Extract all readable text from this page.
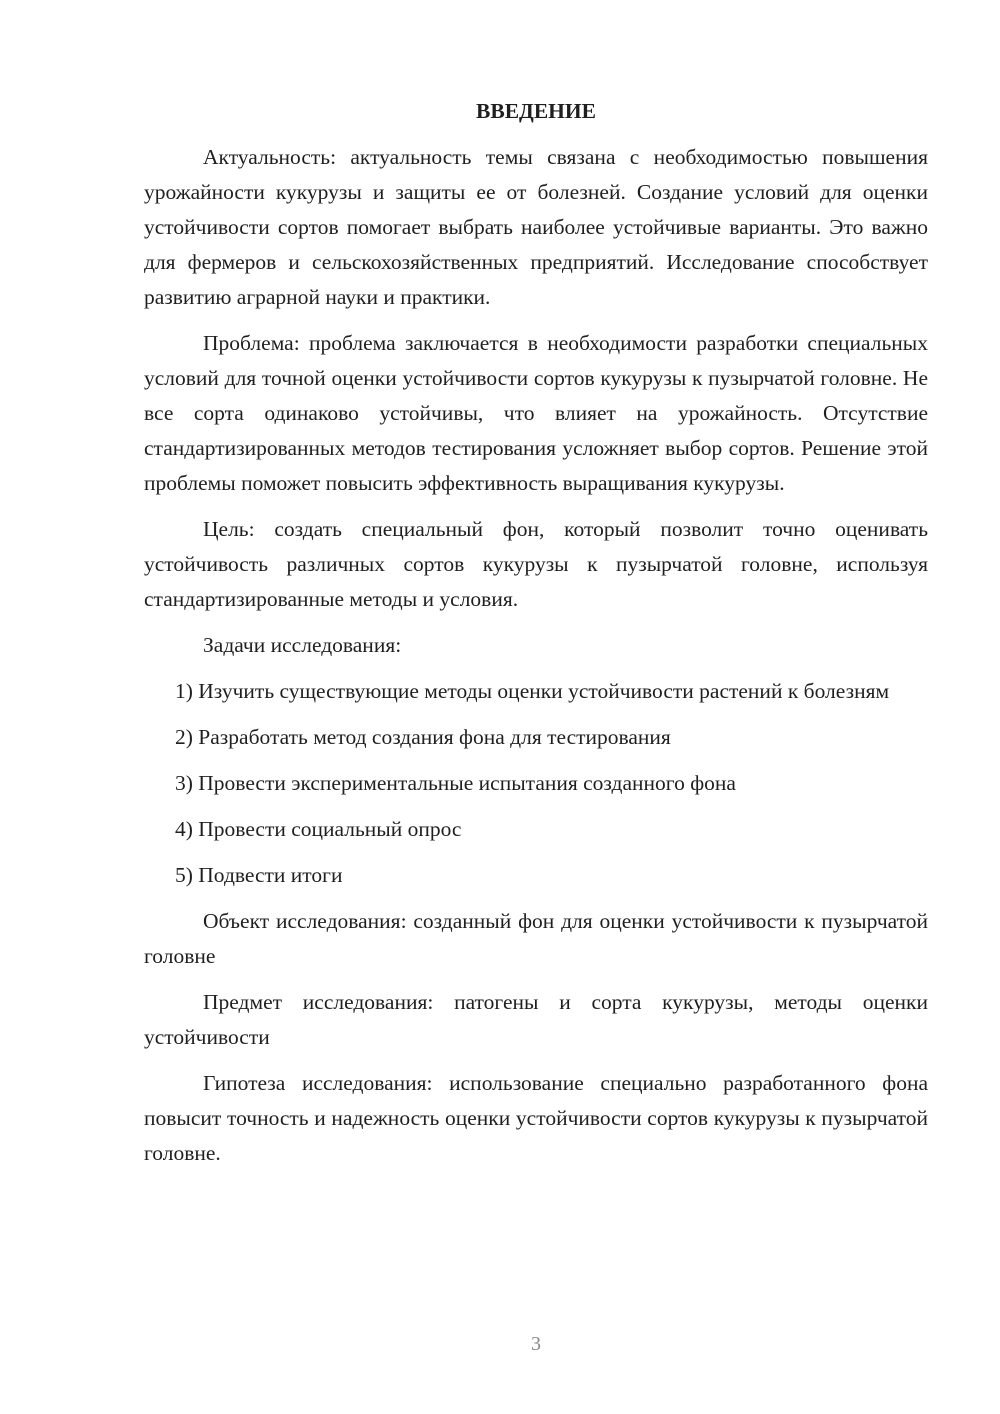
ВВЕДЕНИЕ

Актуальность: актуальность темы связана с необходимостью повышения урожайности кукурузы и защиты ее от болезней. Создание условий для оценки устойчивости сортов помогает выбрать наиболее устойчивые варианты. Это важно для фермеров и сельскохозяйственных предприятий. Исследование способствует развитию аграрной науки и практики.

Проблема: проблема заключается в необходимости разработки специальных условий для точной оценки устойчивости сортов кукурузы к пузырчатой головне. Не все сорта одинаково устойчивы, что влияет на урожайность. Отсутствие стандартизированных методов тестирования усложняет выбор сортов. Решение этой проблемы поможет повысить эффективность выращивания кукурузы.

Цель: создать специальный фон, который позволит точно оценивать устойчивость различных сортов кукурузы к пузырчатой головне, используя стандартизированные методы и условия.

Задачи исследования:

1) Изучить существующие методы оценки устойчивости растений к болезням

2) Разработать метод создания фона для тестирования

3) Провести экспериментальные испытания созданного фона

4) Провести социальный опрос

5) Подвести итоги

Объект исследования: созданный фон для оценки устойчивости к пузырчатой головне

Предмет исследования: патогены и сорта кукурузы, методы оценки устойчивости

Гипотеза исследования: использование специально разработанного фона повысит точность и надежность оценки устойчивости сортов кукурузы к пузырчатой головне.

3
